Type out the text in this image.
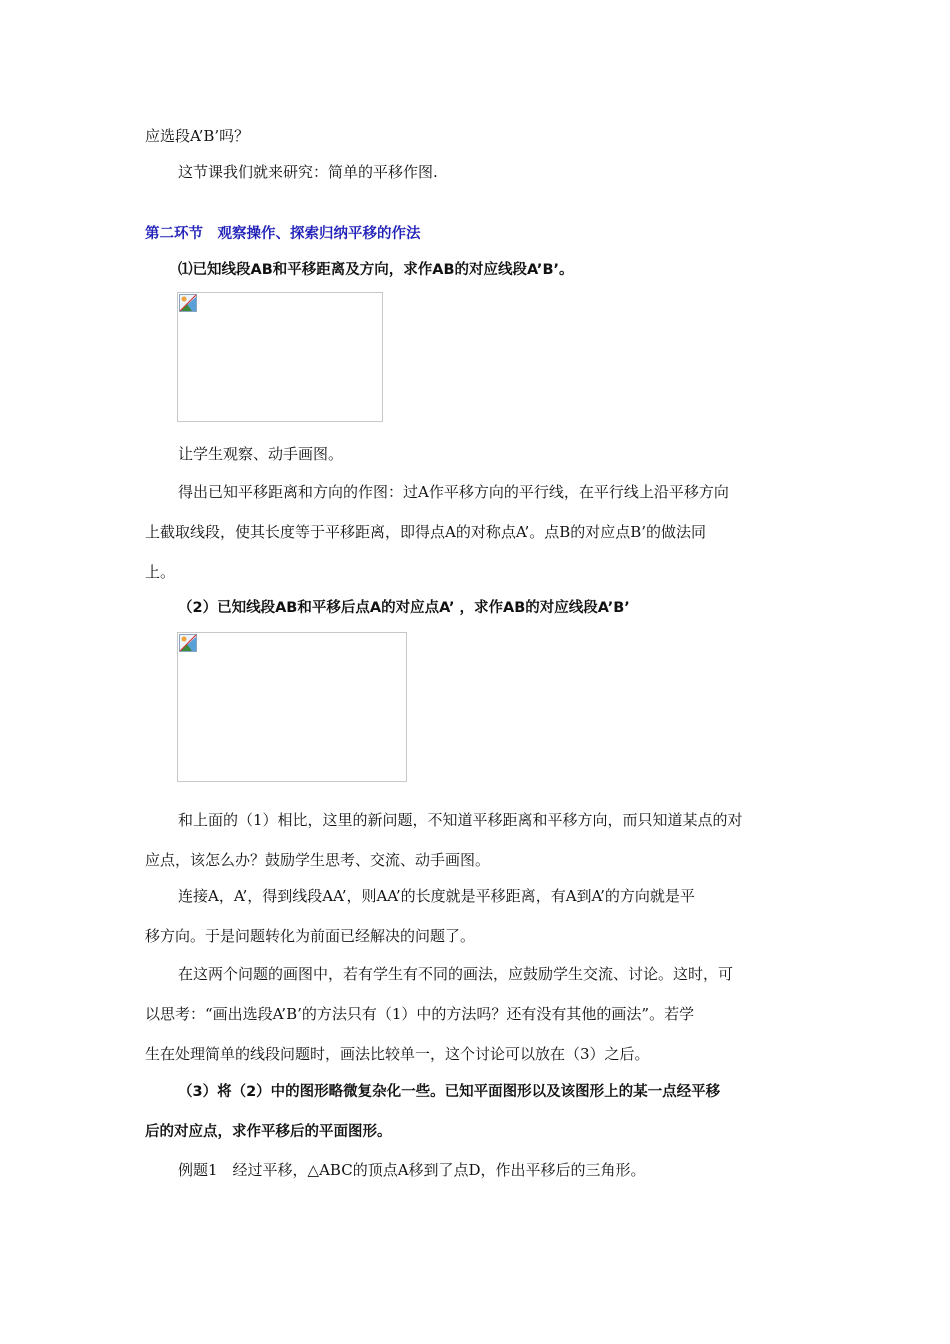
应选段A’B’吗？
这节课我们就来研究：简单的平移作图.
第二环节　观察操作、探索归纳平移的作法
⑴已知线段AB和平移距离及方向，求作AB的对应线段A’B’。
让学生观察、动手画图。
得出已知平移距离和方向的作图：过A作平移方向的平行线，在平行线上沿平移方向
上截取线段，使其长度等于平移距离，即得点A的对称点A’。点B的对应点B’的做法同
上。
（2）已知线段AB和平移后点A的对应点A’ ，求作AB的对应线段A’B’
和上面的（1）相比，这里的新问题，不知道平移距离和平移方向，而只知道某点的对
应点，该怎么办？鼓励学生思考、交流、动手画图。
连接A，A’，得到线段AA’，则AA’的长度就是平移距离，有A到A’的方向就是平
移方向。于是问题转化为前面已经解决的问题了。
在这两个问题的画图中，若有学生有不同的画法，应鼓励学生交流、讨论。这时，可
以思考：“画出选段A’B’的方法只有（1）中的方法吗？还有没有其他的画法”。若学
生在处理简单的线段问题时，画法比较单一，这个讨论可以放在（3）之后。
（3）将（2）中的图形略微复杂化一些。已知平面图形以及该图形上的某一点经平移
后的对应点，求作平移后的平面图形。
例题1　经过平移，△ABC的顶点A移到了点D，作出平移后的三角形。
